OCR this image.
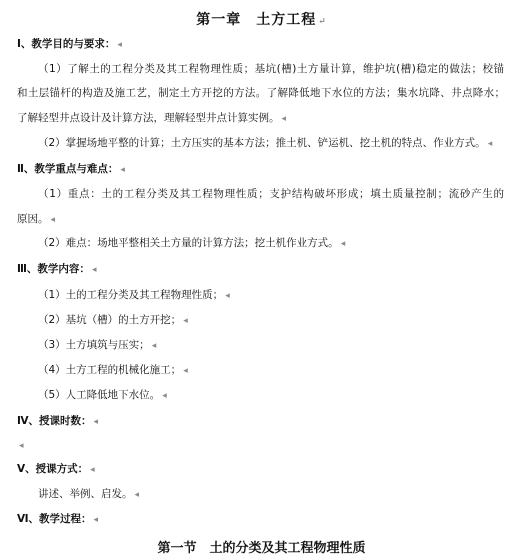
第一章　土方工程 ↵
Ⅰ、教学目的与要求： ◂
（1）了解土的工程分类及其工程物理性质；基坑(槽)土方量计算，维护坑(槽)稳定的做法；校锚
和土层锚杆的构造及施工艺，制定土方开挖的方法。了解降低地下水位的方法；集水坑降、井点降水；
了解轻型井点设计及计算方法，理解轻型井点计算实例。 ◂
（2）掌握场地平整的计算；土方压实的基本方法；推土机、铲运机、挖土机的特点、作业方式。 ◂
Ⅱ、教学重点与难点： ◂
（1）重点：土的工程分类及其工程物理性质；支护结构破坏形成；填土质量控制；流砂产生的
原因。 ◂
（2）难点：场地平整相关土方量的计算方法；挖土机作业方式。 ◂
Ⅲ、教学内容： ◂
（1）土的工程分类及其工程物理性质； ◂
（2）基坑（槽）的土方开挖； ◂
（3）土方填筑与压实； ◂
（4）土方工程的机械化施工； ◂
（5）人工降低地下水位。 ◂
Ⅳ、授课时数： ◂
◂
Ⅴ、授课方式： ◂
讲述、举例、启发。 ◂
Ⅵ、教学过程： ◂
第一节　土的分类及其工程物理性质
